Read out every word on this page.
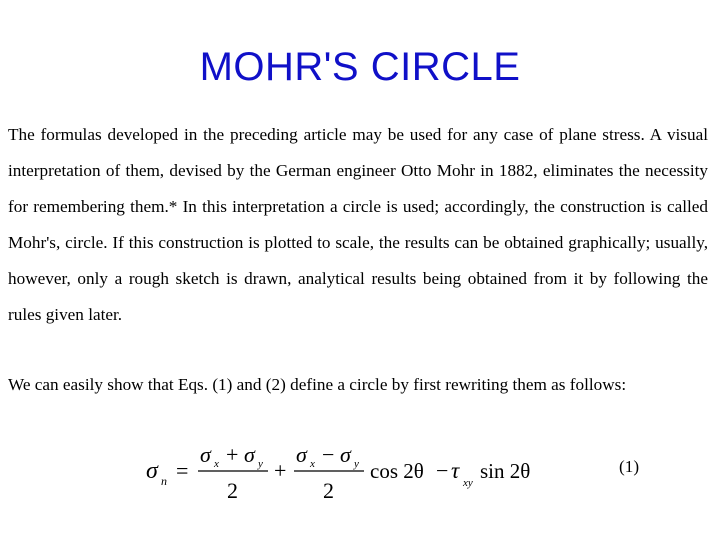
MOHR'S CIRCLE

The formulas developed in the preceding article may be used for any case of plane stress. A visual interpretation of them, devised by the German engineer Otto Mohr in 1882, eliminates the necessity for remembering them.* In this interpretation a circle is used; accordingly, the construction is called Mohr's, circle. If this construction is plotted to scale, the results can be obtained graphically; usually, however, only a rough sketch is drawn, analytical results being obtained from it by following the rules given later.

We can easily show that Eqs. (1) and (2) define a circle by first rewriting them as follows:

σ n =
σ x + σ y
2
+
σ x − σ y
2
cos 2θ − τ xy sin 2θ	(1)
